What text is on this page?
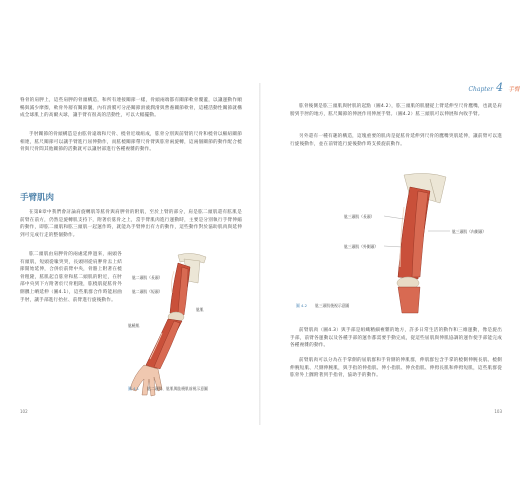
脊骨的肩胛上，這些肩胛的骨頭構造，和所有連接關節一樣，骨頭兩端都有關節軟骨覆蓋，以讓運動作順暢與減少摩擦，軟骨外層有關節囊，內有滑膜可分泌關節滑液潤滑與營養關節軟骨，這種活動性關節就構成全球肌上的高爾夫球，讓手臂有很高的活動性，可以大幅擺動。
手肘關節的骨頭構造是由肱骨遠端和尺骨、橈骨近端組成，肱骨分別與前臂的尺骨和橈骨以樞紐關節相連，肱尺關節可以讓手臂進行屈伸動作，而肱橈關節帶尺骨臂與肱骨兩旋轉，這兩個關節的動作配合橈骨與尺骨間其他關節的活動就可以讓肘部進行各種複雜的動作。
手臂肌肉
在第8章中我們會討論肩旋轉肌等肱骨與肩胛骨的附肌，至於上臂的部分，肩是肱二頭肌還有肱肌是前臂在前方，仍然是旋轉肌支持下，附著於肱骨之上，當手臂肌肉進行運動時，主要是分別執行手臂伸縮的動作，即肱二頭肌和肱三頭肌一起運作時，就能為手臂伸出有力的動作，這些動作對於協助肌肉與延伸到可完成行走的整個動作。
肱二頭肌由肩胛骨的兩處延伸過來，兩頭各有頭肌，短頭從喙突突，長頭則從肩胛骨盂上結節開始延伸，合併於前臂中央，骨骼上附著在橈骨粗隆，肱肌起自肱骨和肱二頭肌的附近，在肘部中央到下方附著於尺骨粗隆，肱橈肌從肱骨外側髁上嵴延伸（圖4.1），這些肌群合作時能屈曲手肘，讓手部進行抬拉、前臂進行旋後動作。
肱二頭肌（長頭）
肱二頭肌（短頭）
肱肌
肱橈肌
圖 4.1 肱二頭肌、肱肌與肱橈肌前視示意圖
102
Chapter 4 手臂
肱骨後側是肱三頭肌與肘肌的起點（圖4.2），肱三頭肌的肌腱從上臂延伸至尺骨鷹嘴，也就是肩膀到手肘的地方，肱尺關節的伸展作用伸展手臂。（圖4.2）肱三頭肌可以伸展和內收手臂。
另外還有一種有趣的構造，這塊重要的肌肉是從肱骨延伸到尺骨的鷹嘴突肌延伸，讓前臂可以進行旋後動作，並在前臂進行旋後動作時支援旋前動作。
肱三頭肌（長頭）
肱三頭肌（內側頭）
肱三頭肌（外側頭）
圖 4.2 肱三頭肌後視示意圖
前臂肌肉（圖4.3）與手部是組織精細複雜的地方，許多日常生活的動作和三維運動，像是旋出手部，前臂各運動以及各種手部的運作都需要手動完成，從這些屈肌與伸肌協調的運作使手部能完成各種複雜的動作。
前臂肌肉可以分為在手掌側的屈肌群和手背側的伸肌群，伸肌群包含手掌的橈側伸腕長肌、橈側伸腕短肌、尺側伸腕肌，與手指的伸指肌、伸小指肌、伸食指肌、伸拇長肌和伸拇短肌，這些肌群從肱骨外上髁附著到手指骨，協助手的動作。
103
